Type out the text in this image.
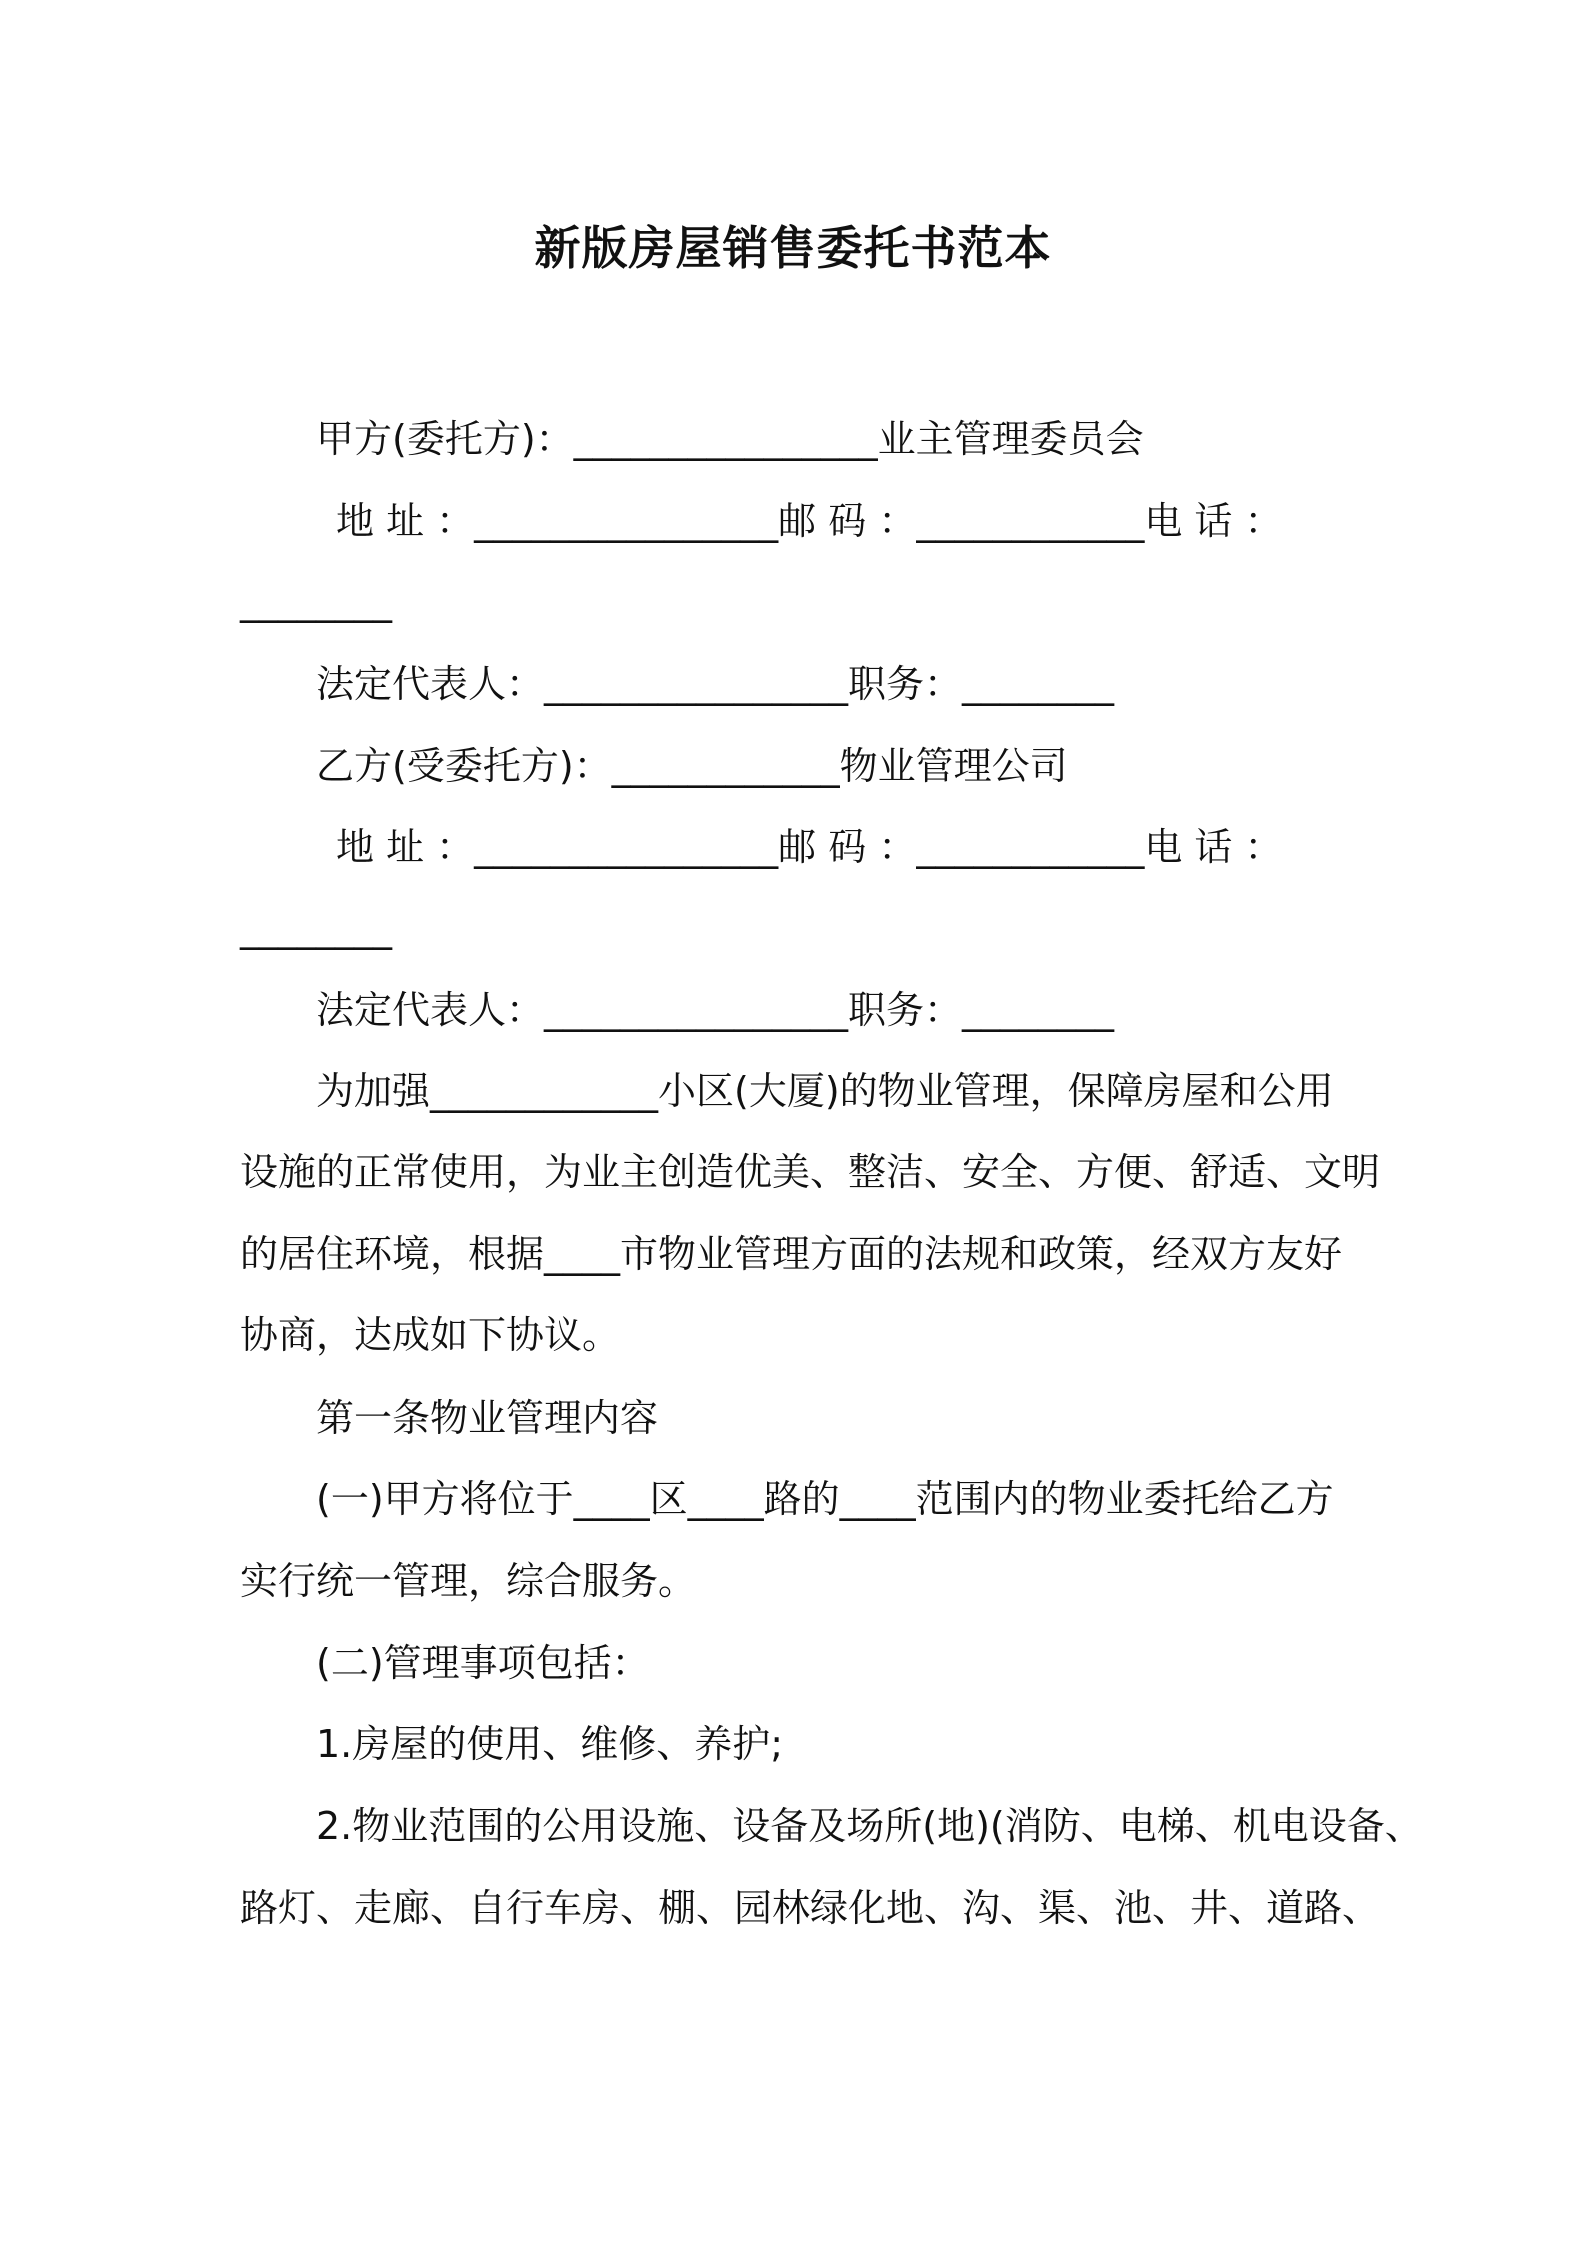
新版房屋销售委托书范本
甲方(委托方)：________________业主管理委员会
地 址 ：________________邮 码 ：____________电 话 ：
________
法定代表人：________________职务：________
乙方(受委托方)：____________物业管理公司
地 址 ：________________邮 码 ：____________电 话 ：
________
法定代表人：________________职务：________
为加强____________小区(大厦)的物业管理，保障房屋和公用
设施的正常使用，为业主创造优美、整洁、安全、方便、舒适、文明
的居住环境，根据____市物业管理方面的法规和政策，经双方友好
协商，达成如下协议。
第一条物业管理内容
(一)甲方将位于____区____路的____范围内的物业委托给乙方
实行统一管理，综合服务。
(二)管理事项包括：
1.房屋的使用、维修、养护;
2.物业范围的公用设施、设备及场所(地)(消防、电梯、机电设备、
路灯、走廊、自行车房、棚、园林绿化地、沟、渠、池、井、道路、
